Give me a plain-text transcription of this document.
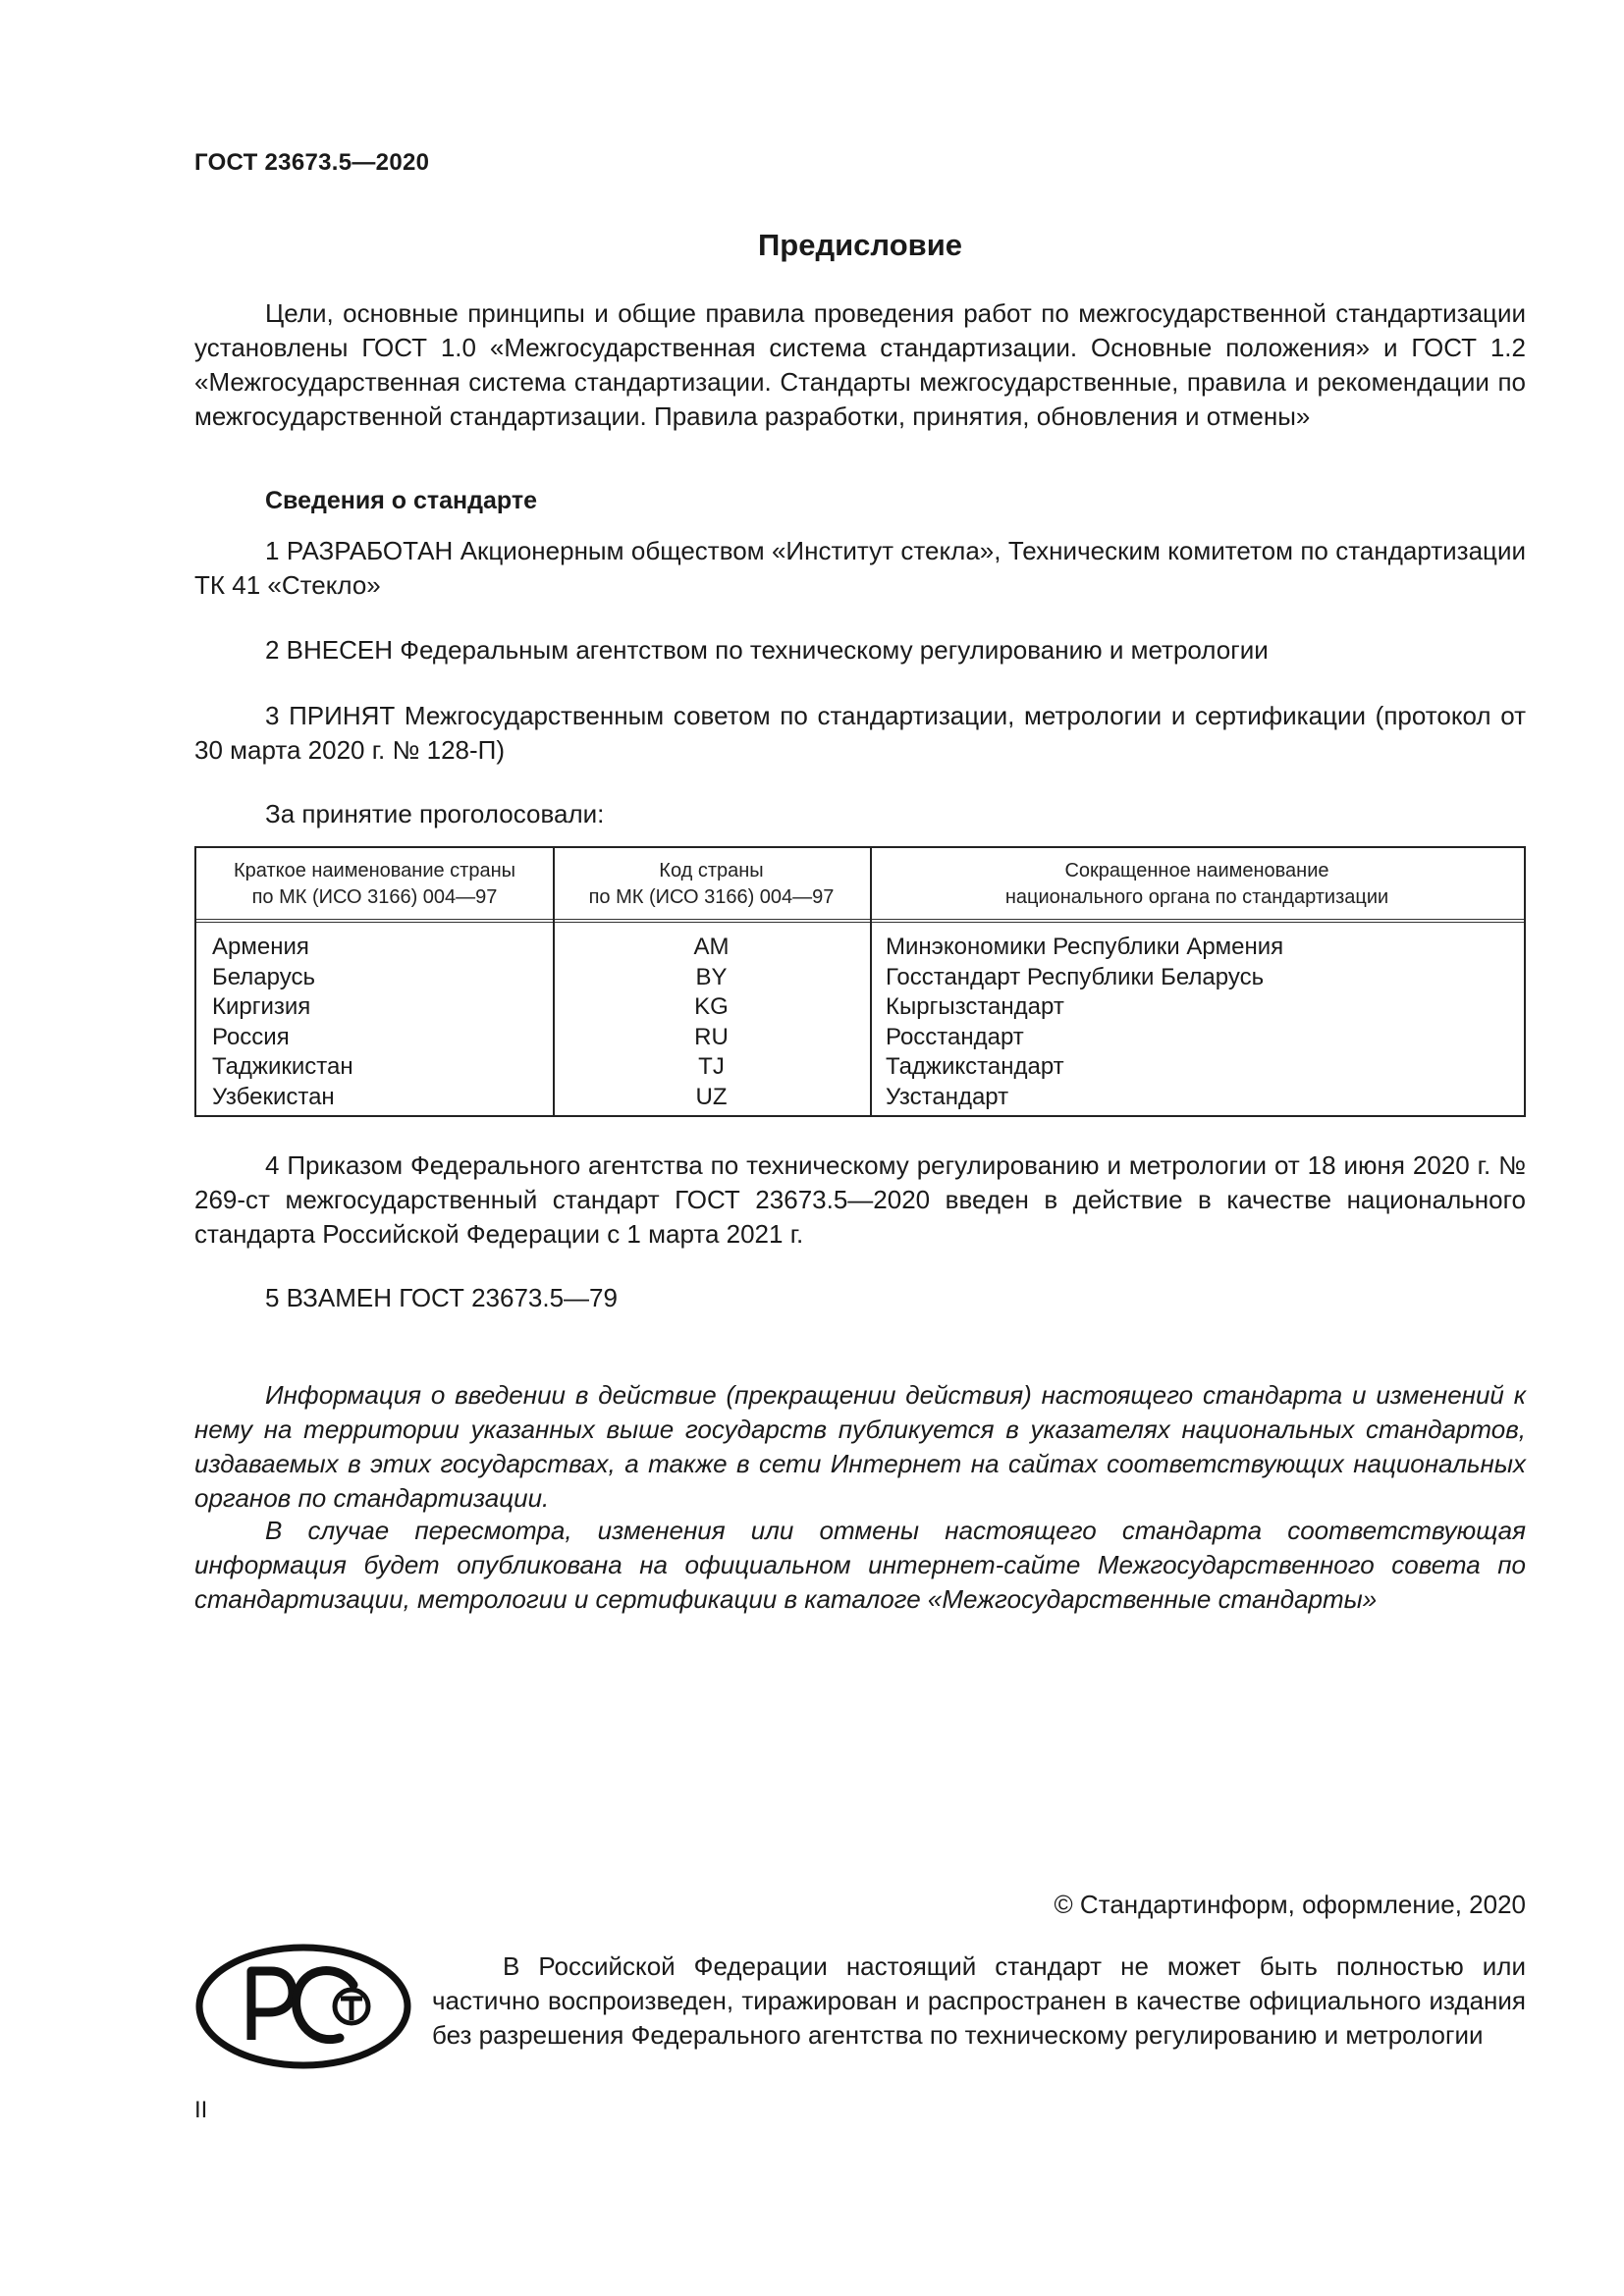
ГОСТ 23673.5—2020
Предисловие

Цели, основные принципы и общие правила проведения работ по межгосударственной стандартизации установлены ГОСТ 1.0 «Межгосударственная система стандартизации. Основные положения» и ГОСТ 1.2 «Межгосударственная система стандартизации. Стандарты межгосударственные, правила и рекомендации по межгосударственной стандартизации. Правила разработки, принятия, обновления и отмены»

Сведения о стандарте

1 РАЗРАБОТАН Акционерным обществом «Институт стекла», Техническим комитетом по стандартизации ТК 41 «Стекло»

2 ВНЕСЕН Федеральным агентством по техническому регулированию и метрологии

3 ПРИНЯТ Межгосударственным советом по стандартизации, метрологии и сертификации (протокол от 30 марта 2020 г. № 128-П)

За принятие проголосовали:

Краткое наименование страны
по МК (ИСО 3166) 004—97
Код страны
по МК (ИСО 3166) 004—97
Сокращенное наименование
национального органа по стандартизации
Армения
Беларусь
Киргизия
Россия
Таджикистан
Узбекистан
AM
BY
KG
RU
TJ
UZ
Минэкономики Республики Армения
Госстандарт Республики Беларусь
Кыргызстандарт
Росстандарт
Таджикстандарт
Узстандарт

4 Приказом Федерального агентства по техническому регулированию и метрологии от 18 июня 2020 г. № 269-ст межгосударственный стандарт ГОСТ 23673.5—2020 введен в действие в качестве национального стандарта Российской Федерации с 1 марта 2021 г.

5 ВЗАМЕН ГОСТ 23673.5—79

Информация о введении в действие (прекращении действия) настоящего стандарта и изменений к нему на территории указанных выше государств публикуется в указателях национальных стандартов, издаваемых в этих государствах, а также в сети Интернет на сайтах соответствующих национальных органов по стандартизации.

В случае пересмотра, изменения или отмены настоящего стандарта соответствующая информация будет опубликована на официальном интернет-сайте Межгосударственного совета по стандартизации, метрологии и сертификации в каталоге «Межгосударственные стандарты»

© Стандартинформ, оформление, 2020

В Российской Федерации настоящий стандарт не может быть полностью или частично воспроизведен, тиражирован и распространен в качестве официального издания без разрешения Федерального агентства по техническому регулированию и метрологии

II
